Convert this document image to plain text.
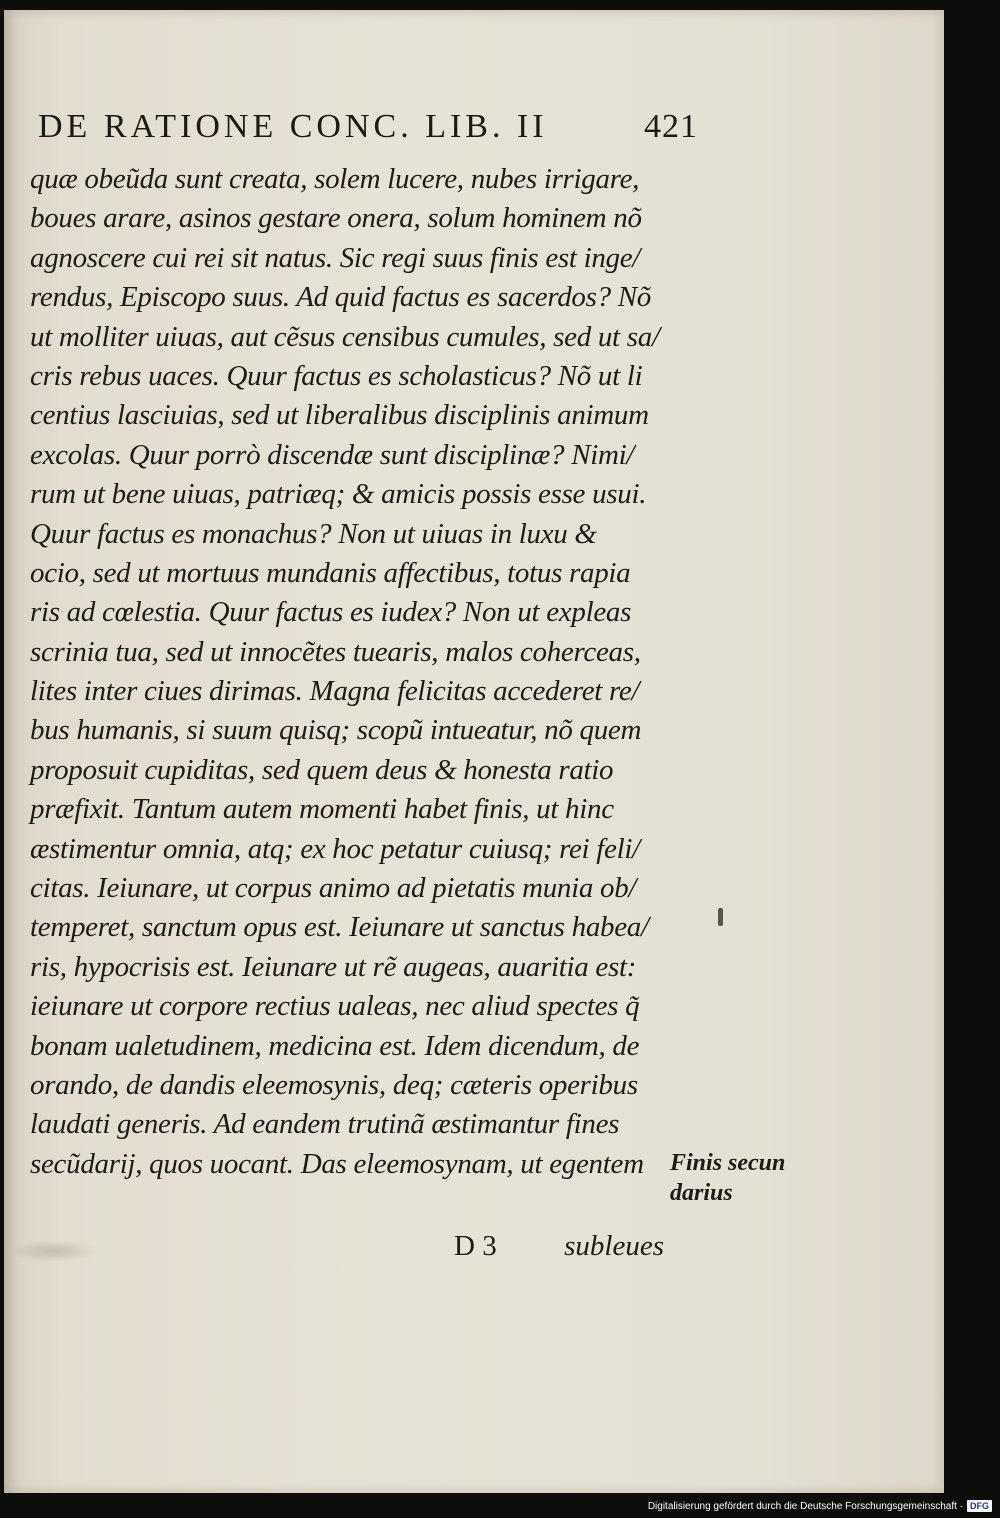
DE RATIONE CONC. LIB. II	421
quæ obeũda sunt creata, solem lucere, nubes irrigare,
boues arare, asinos gestare onera, solum hominem nõ
agnoscere cui rei sit natus. Sic regi suus finis est inge/
rendus, Episcopo suus. Ad quid factus es sacerdos? Nõ
ut molliter uiuas, aut cẽsus censibus cumules, sed ut sa/
cris rebus uaces. Quur factus es scholasticus? Nõ ut li
centius lasciuias, sed ut liberalibus disciplinis animum
excolas. Quur porrò discendæ sunt disciplinæ? Nimi/
rum ut bene uiuas, patriæq; & amicis possis esse usui.
Quur factus es monachus? Non ut uiuas in luxu &
ocio, sed ut mortuus mundanis affectibus, totus rapia
ris ad cœlestia. Quur factus es iudex? Non ut expleas
scrinia tua, sed ut innocẽtes tuearis, malos coherceas,
lites inter ciues dirimas. Magna felicitas accederet re/
bus humanis, si suum quisq; scopũ intueatur, nõ quem
proposuit cupiditas, sed quem deus & honesta ratio
præfixit. Tantum autem momenti habet finis, ut hinc
æstimentur omnia, atq; ex hoc petatur cuiusq; rei feli/
citas. Ieiunare, ut corpus animo ad pietatis munia ob/
temperet, sanctum opus est. Ieiunare ut sanctus habea/
ris, hypocrisis est. Ieiunare ut rẽ augeas, auaritia est:
ieiunare ut corpore rectius ualeas, nec aliud spectes q̃
bonam ualetudinem, medicina est. Idem dicendum, de
orando, de dandis eleemosynis, deq; cæteris operibus
laudati generis. Ad eandem trutinã æstimantur fines
secũdarij, quos uocant. Das eleemosynam, ut egentem
D 3 subleues
Finis secun
darius
Digitalisierung gefördert durch die Deutsche Forschungsgemeinschaft · DFG
